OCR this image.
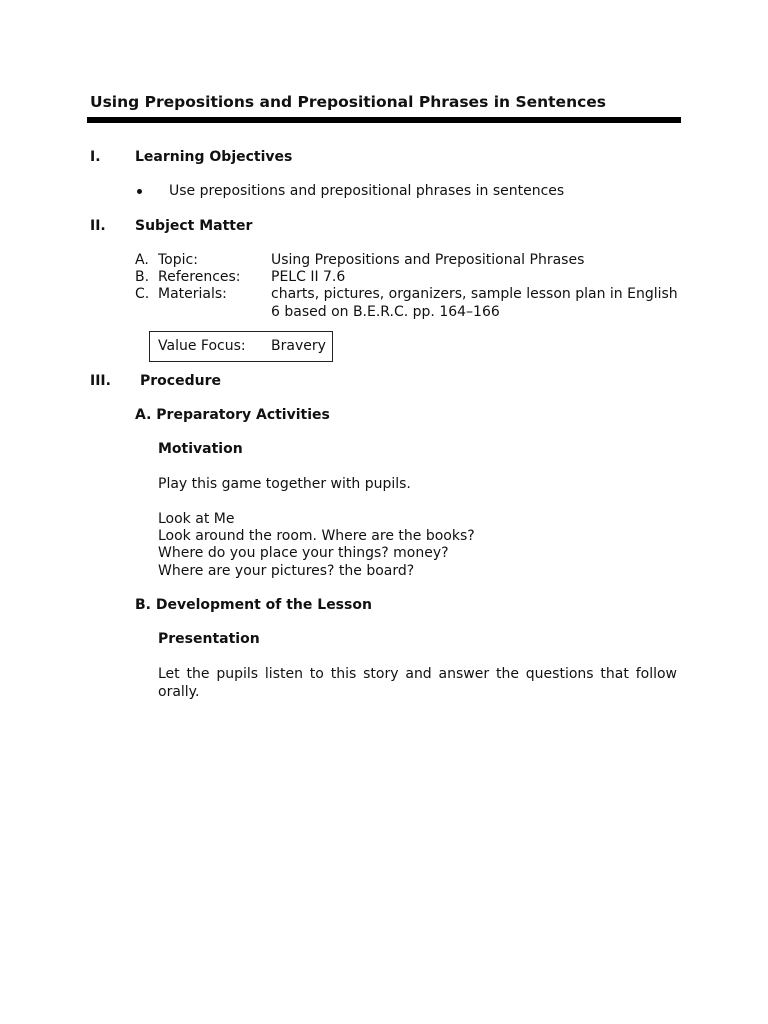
Using Prepositions and Prepositional Phrases in Sentences
I. Learning Objectives
Use prepositions and prepositional phrases in sentences
II. Subject Matter
A. Topic:	Using Prepositions and Prepositional Phrases
B. References: PELC II 7.6
C. Materials:	charts, pictures, organizers, sample lesson plan in English
6 based on B.E.R.C. pp. 164–166
Value Focus: Bravery
III. Procedure
A. Preparatory Activities
Motivation
Play this game together with pupils.
Look at Me
Look around the room. Where are the books?
Where do you place your things? money?
Where are your pictures? the board?
B. Development of the Lesson
Presentation
Let the pupils listen to this story and answer the questions that follow orally.
